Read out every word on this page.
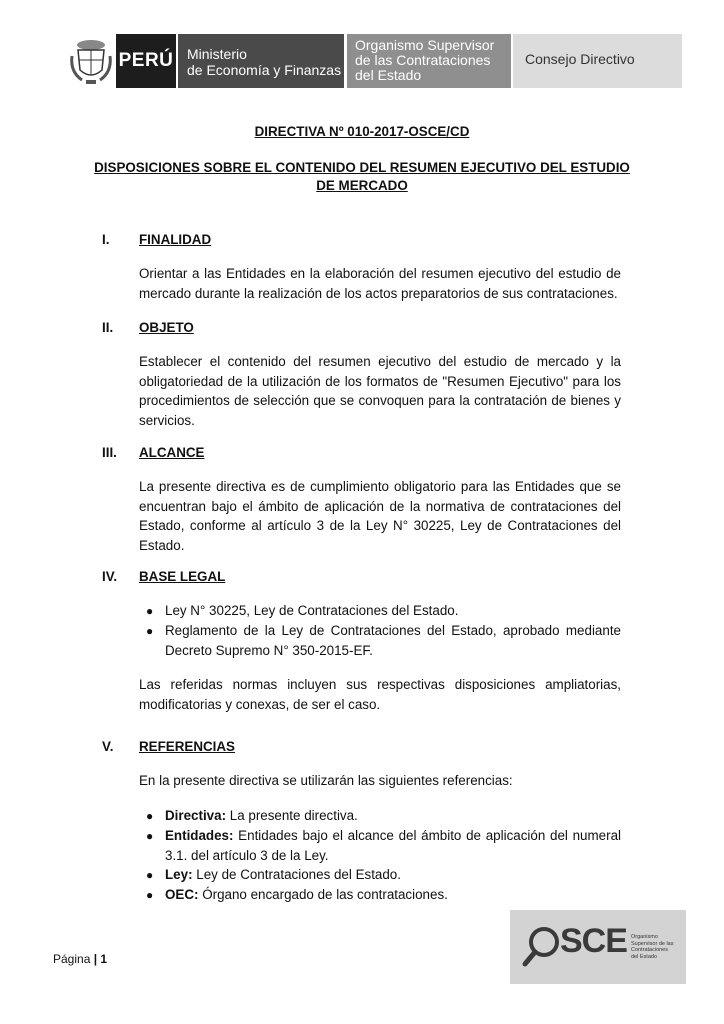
PERÚ Ministerio
de Economía y Finanzas
Organismo Supervisor
de las Contrataciones
del Estado
Consejo Directivo
DIRECTIVA Nº 010-2017-OSCE/CD
DISPOSICIONES SOBRE EL CONTENIDO DEL RESUMEN EJECUTIVO DEL ESTUDIO
DE MERCADO
I. FINALIDAD
Orientar a las Entidades en la elaboración del resumen ejecutivo del estudio de mercado durante la realización de los actos preparatorios de sus contrataciones.
II. OBJETO
Establecer el contenido del resumen ejecutivo del estudio de mercado y la obligatoriedad de la utilización de los formatos de "Resumen Ejecutivo" para los procedimientos de selección que se convoquen para la contratación de bienes y servicios.
III. ALCANCE
La presente directiva es de cumplimiento obligatorio para las Entidades que se encuentran bajo el ámbito de aplicación de la normativa de contrataciones del Estado, conforme al artículo 3 de la Ley N° 30225, Ley de Contrataciones del Estado.
IV. BASE LEGAL
● Ley N° 30225, Ley de Contrataciones del Estado.
● Reglamento de la Ley de Contrataciones del Estado, aprobado mediante Decreto Supremo N° 350-2015-EF.
Las referidas normas incluyen sus respectivas disposiciones ampliatorias, modificatorias y conexas, de ser el caso.
V. REFERENCIAS
En la presente directiva se utilizarán las siguientes referencias:
● Directiva: La presente directiva.
● Entidades: Entidades bajo el alcance del ámbito de aplicación del numeral 3.1. del artículo 3 de la Ley.
● Ley: Ley de Contrataciones del Estado.
● OEC: Órgano encargado de las contrataciones.
Página | 1	SCE Organismo
Supervisor de las
Contrataciones
del Estado
